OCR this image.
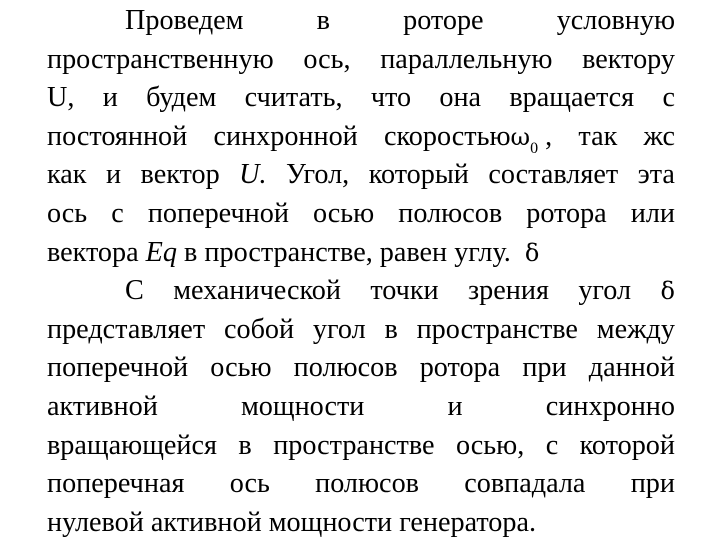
Проведем	в	роторе	условную
пространственную ось, параллельную вектору
U, и будем считать, что она вращается с
постоянной синхронной скоростьюω$_0$ , так жс
как и вектор U. Угол, который составляет эта
ось с поперечной осью полюсов ротора или
вектора Eq в пространстве, равен углу. δ
С механической точки зрения угол δ
представляет собой угол в пространстве между
поперечной осью полюсов ротора при данной
активной	мощности	и	синхронно
вращающейся в пространстве осью, с которой
поперечная ось полюсов совпадала при
нулевой активной мощности генератора.
